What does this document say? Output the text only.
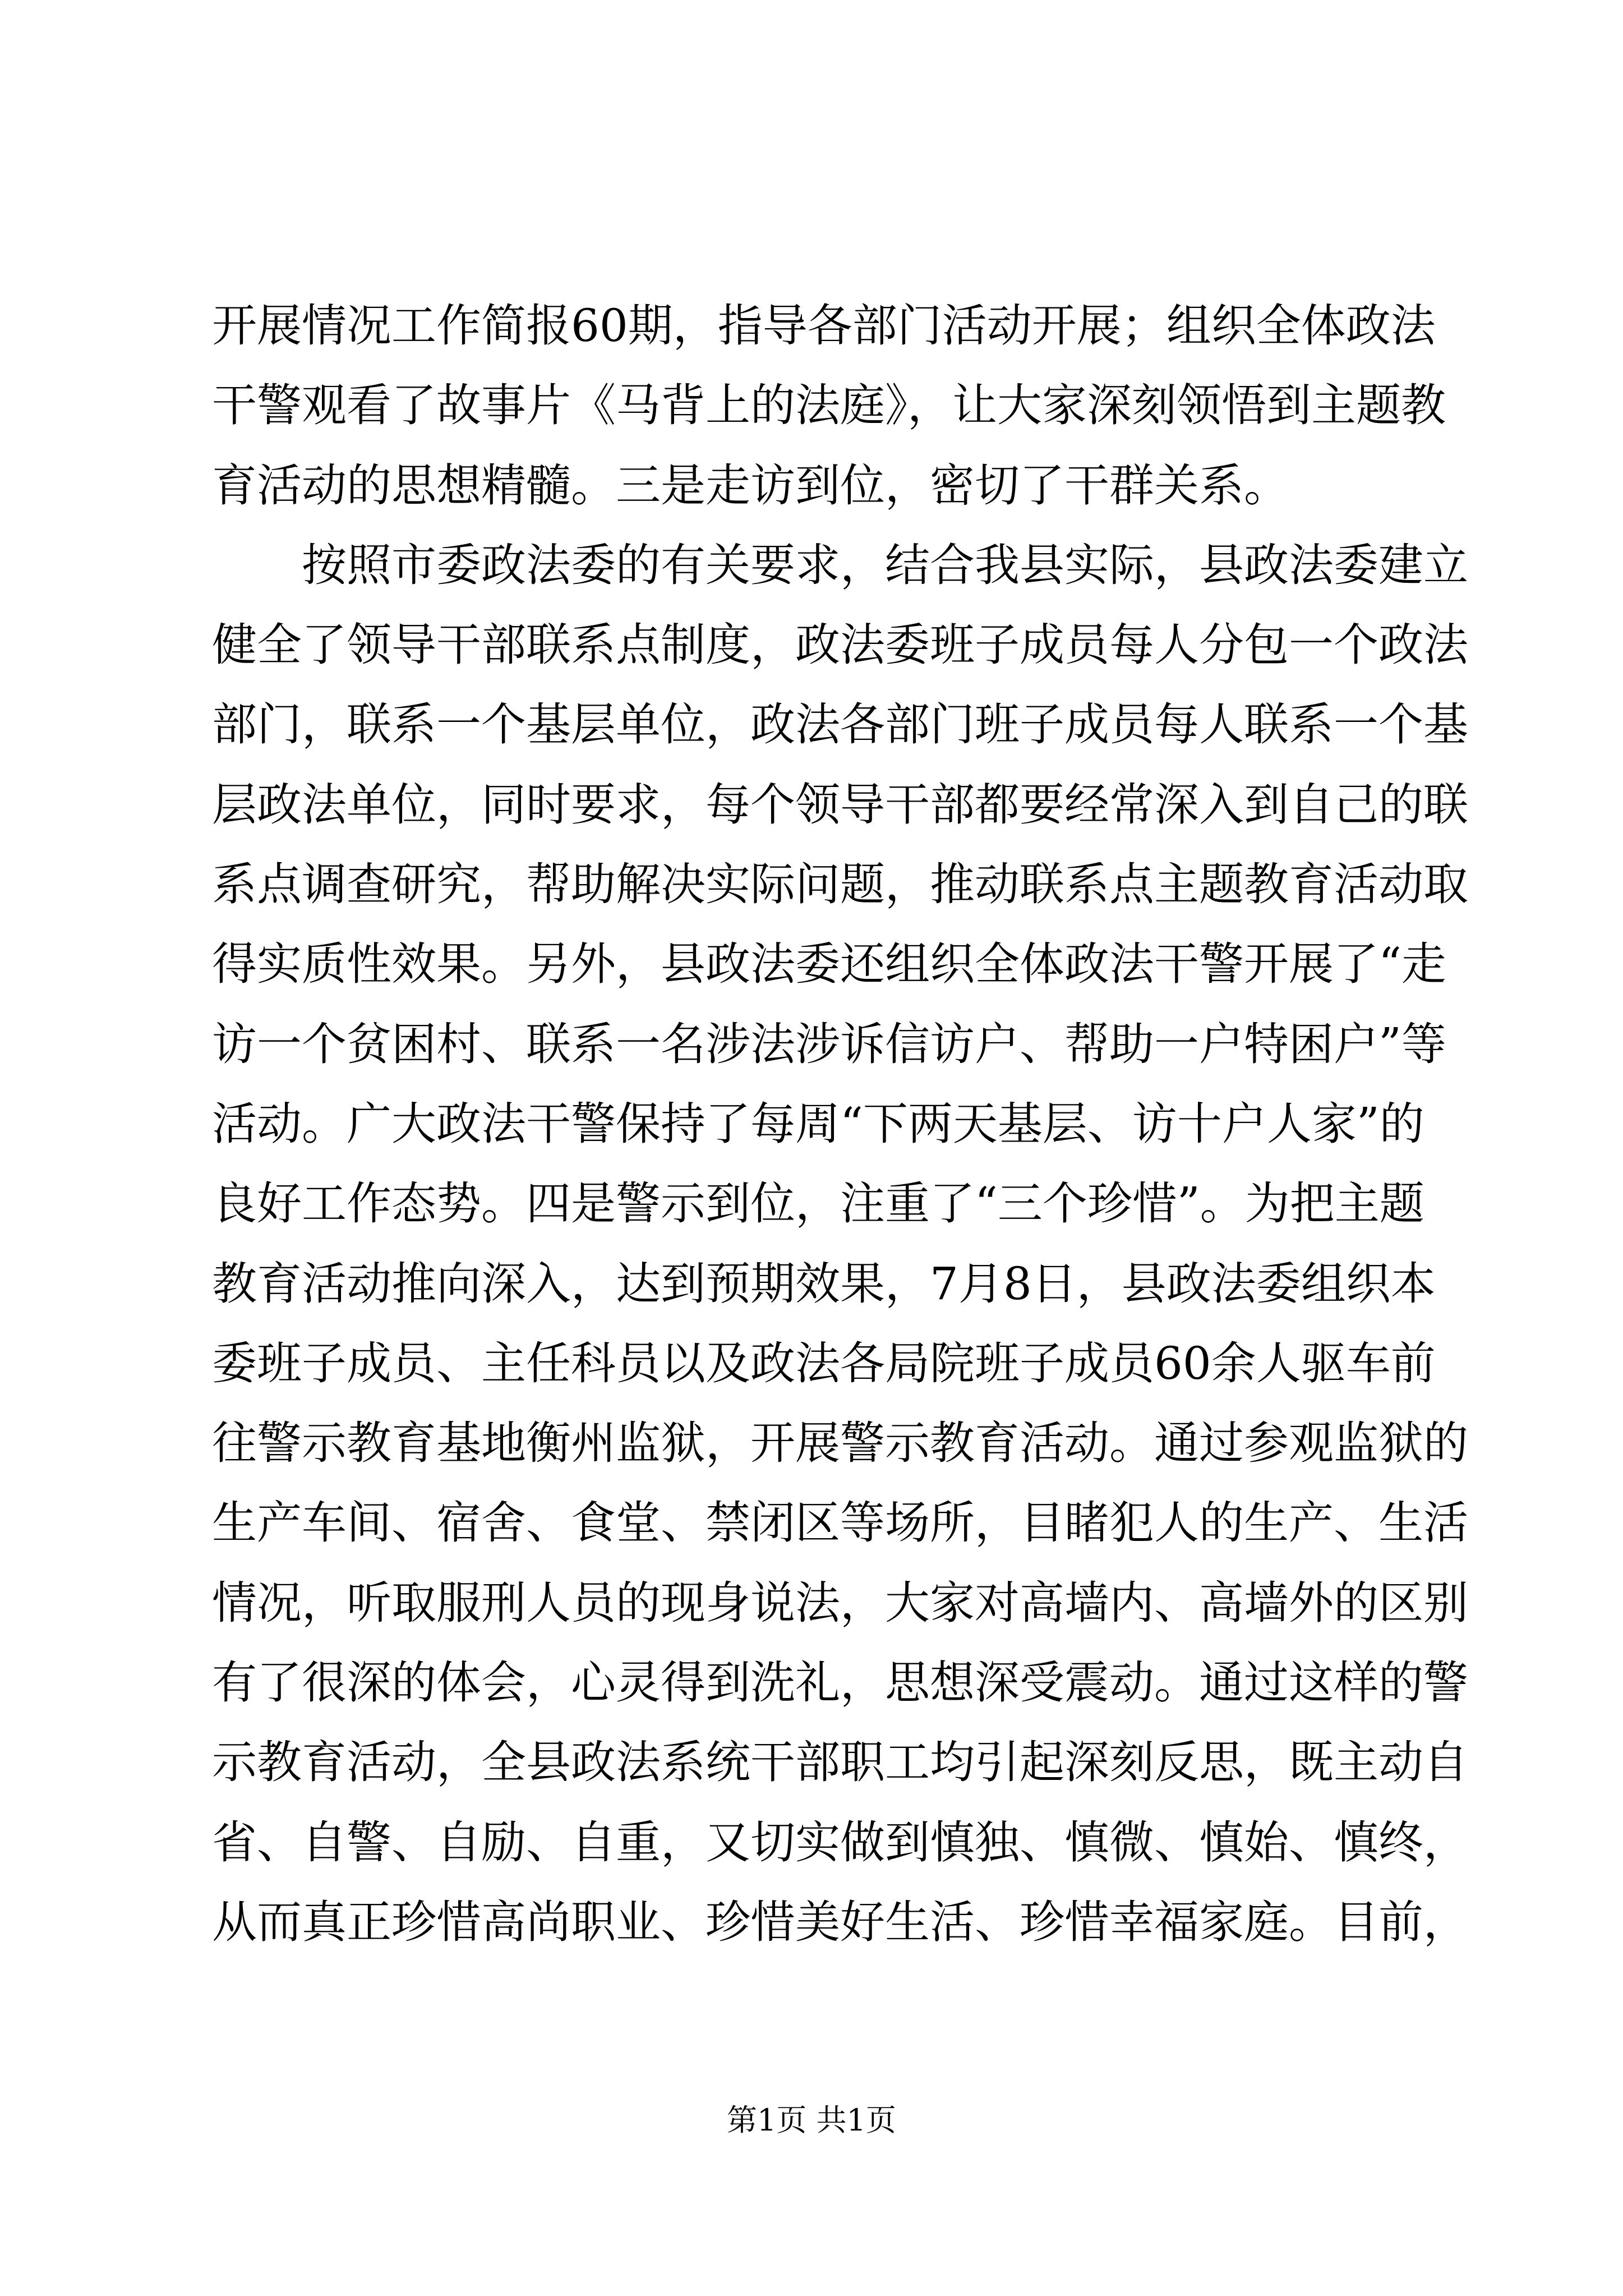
开展情况工作简报60期，指导各部门活动开展；组织全体政法
干警观看了故事片《马背上的法庭》，让大家深刻领悟到主题教
育活动的思想精髓。三是走访到位，密切了干群关系。
按照市委政法委的有关要求，结合我县实际，县政法委建立
健全了领导干部联系点制度，政法委班子成员每人分包一个政法
部门，联系一个基层单位，政法各部门班子成员每人联系一个基
层政法单位，同时要求，每个领导干部都要经常深入到自己的联
系点调查研究，帮助解决实际问题，推动联系点主题教育活动取
得实质性效果。另外，县政法委还组织全体政法干警开展了“走
访一个贫困村、联系一名涉法涉诉信访户、帮助一户特困户”等
活动。广大政法干警保持了每周“下两天基层、访十户人家”的
良好工作态势。四是警示到位，注重了“三个珍惜”。为把主题
教育活动推向深入，达到预期效果，7月8日，县政法委组织本
委班子成员、主任科员以及政法各局院班子成员60余人驱车前
往警示教育基地衡州监狱，开展警示教育活动。通过参观监狱的
生产车间、宿舍、食堂、禁闭区等场所，目睹犯人的生产、生活
情况，听取服刑人员的现身说法，大家对高墙内、高墙外的区别
有了很深的体会，心灵得到洗礼，思想深受震动。通过这样的警
示教育活动，全县政法系统干部职工均引起深刻反思，既主动自
省、自警、自励、自重，又切实做到慎独、慎微、慎始、慎终，
从而真正珍惜高尚职业、珍惜美好生活、珍惜幸福家庭。目前，
第1页 共1页
